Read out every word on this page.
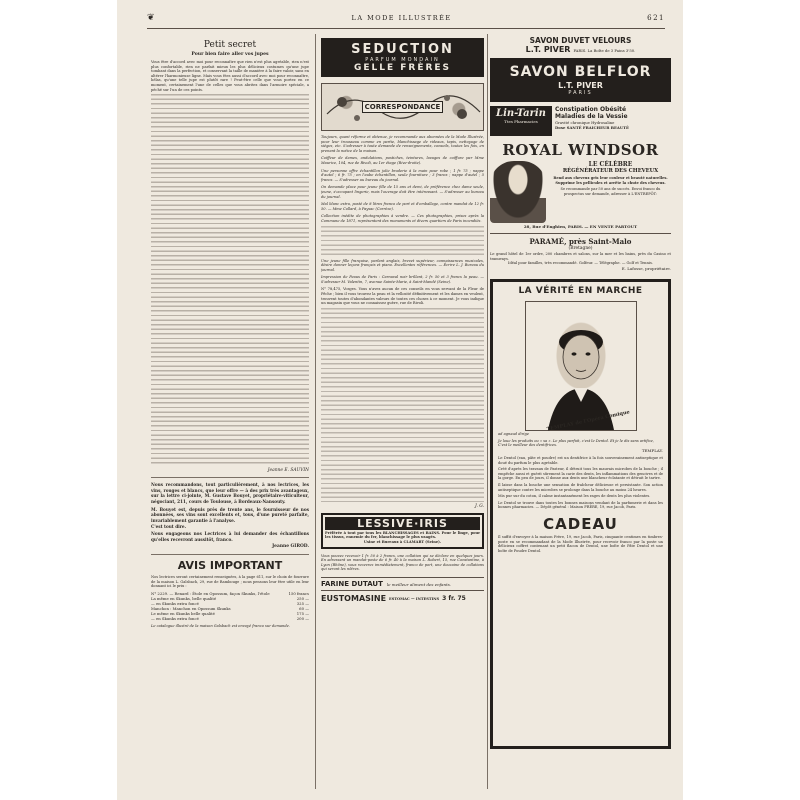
❦	LA MODE ILLUSTRÉE	621
Petit secret
Pour bien faire aller vos jupes
Vous être d'accord avec moi pour reconnaître que rien n'est plus agréable, rien n'est plus confortable, rien ne parfait mieux les plus délicieux costumes qu'une jupe tombant dans la perfection, et conservant la taille de manière à la faire valoir, sans en altérer l'harmonieuse ligne. Mais vous êtes aussi d'accord avec moi pour reconnaître, hélas, qu'une telle jupe est plutôt rare ! Peut-être celle que vous portez en ce moment, certainement l'une de celles que vous abritez dans l'armoire spéciale, a péché sur l'un de ces points.
Jeanne E. SAUVIN
Nous recommandons, tout particulièrement, à nos lectrices, les vins, rouges et blancs, que leur offre — à des prix très avantageux, sur la lettre ci-jointe, M. Gustave Bouyet, propriétaire-viticulteur, négociant, 211, cours de Toulouse, à Bordeaux-Nansouty.
M. Bouyet est, depuis près de trente ans, le fournisseur de nos abonnées, ses vins sont excellents et, tous, d'une pureté parfaite, invariablement garantie à l'analyse.
C'est tout dire.
Nous engageons nos Lectrices à lui demander des échantillons qu'elles recevront aussitôt, franco.
Jeanne GIROD.
AVIS IMPORTANT
Nos lectrices seront certainement renseignées, à la page 611, sur le choix de fourrure de la maison L. Galsbach, 29, rue de Rambouge ; nous pensons leur être utile en leur donnant ici le prix :
N° 2229. — Renard : Étole en Opossum, façon Skunks, l'étole	150 francs
La même en Skunks, belle qualité	250 —
— en Skunks extra foncé	325 —
Manchon : Manchon en Opossum Skunks	60 —
Le même en Skunks belle qualité	175 —
— en Skunks extra foncé	200 —
Le catalogue illustré de la maison Galsbach est envoyé franco sur demande.
SEDUCTION
PARFUM MONDAIN
GELLE FRÈRES
CORRESPONDANCE
Toujours, quant réforme et obtenue, je recommande aux abonnées de la Mode Illustrée, pour leur trousseau comme en partie, blanchissage de rideaux, tapis, nettoyage de sièges, etc. S'adresser à toute demande de renseignements, conseils, toutes les fois, en prenant la notice de la maison.
Coiffeur de dames, ondulations, postiches, teintures, lavages de coiffure par Mme Maurice, 104, rue de Rivoli, au 1er étage (Rive-droite).
Une personne offre échantillon jolie broderie à la main pour robe ; 1 fr. 75 ; nappe d'autel ; 6 fr. 75 ; en l'aube échantillon, seule fourniture ; 3 francs ; nappe d'autel ; 5 francs. — S'adresser au bureau du journal.
On demande place pour jeune fille de 15 ans et demi, de préférence chez dame seule, jeune, s'occupant lingerie, mais l'ouvrage doit être intéressant. — S'adresser au bureau du journal.
Mal blanc extra, posté de 8 litres franco de port et d'emballage, contre mandat de 12 fr. 50. — Mme Collard, à Paysac (Corrèze).
Collection inédite de photographies à vendre. — Ces photographies, prises après la Commune de 1871, représentent des monuments et divers quartiers de Paris incendiés.
Une jeune fille française, parlant anglais, brevet supérieur, connaissances musicales, désire donner leçons français et piano. Excellentes références. — Écrire L. J. Bureau du journal.
Impression de Peaux de Paris : Carnaval noir brillant, 2 fr. 50 et 3 francs la peau. — S'adresser M. Valentin, 7, avenue Sainte-Marie, à Saint-Mandé (Seine).
N° 78,475, Vosges. Vous n'avez aucun de ces conseils en vous servant de la Fleur de Pêche ; bien il vous trouvez la peau et la vellosité définitivement et les dames en veulent, trouvent toutes d'abondantes valeurs de toutes ces choses à ce moment. Je vous indique un magasin que vous ne connaissez guère, rue de Rivoli.
J. G.
LESSIVE·IRIS
Préférée à tout par tous les BLANCHISSAGES et BAINS. Pour le linge, pour les tissus, ennemie du fer, blanchissage le plus usagés.
Usine et Bureaux à CLAMART (Seine).
Vous pouvez recevoir 1 fr. 50 à 2 francs, une collation qui se déclare en quelques jours. En adressant un mandat-poste de 6 fr. 40 à la maison L. Robert, 15, rue Constantine, à Lyon (Rhône), vous recevrez immédiatement, franco de port, une douzaine de collations qui seront les nôtres.
FARINE DUTAUT le meilleur aliment des enfants.
EUSTOMASINE ESTOMAC — INTESTINS 3 fr. 75
SAVON DUVET VELOURS
L.T. PIVER PARIS. La Boîte de 3 Pains 3'50.
SAVON BELFLOR
L.T. PIVER
PARIS
Lin-Tarin
Ttes Pharmacies
Constipation Obésité
Maladies de la Vessie
Gravité chronique Hydrosaline
Dose SANTÉ FRAICHEUR BEAUTÉ
ROYAL WINDSOR
LE CÉLÈBRE
RÉGÉNÉRATEUR DES CHEVEUX
Rend aux cheveux gris leur couleur et beauté naturelles. Supprime les pellicules et arrête la chute des cheveux.
Se recommande par 50 ans de succès. Envoi franco du prospectus sur demande, adresser à L'ENTREPÔT:
28, Rue d'Enghien, PARIS. — EN VENTE PARTOUT
PARAMÉ, près Saint-Malo
(Bretagne)
Le grand hôtel de 1er ordre, 200 chambres et salons, sur la mer et les bains, près du Casino et tramways.
Idéal pour familles, très recommandé. Golfeur. — Télégraphe. — Golf et Tennis.
E. Lafosse, propriétaire.
LA VÉRITÉ EN MARCHE
TEMPLAY de l'Opéra Comique
ad agnaud dirige
Je loue les produits ou « sa ». Le plus parfait, c'est le Dentol. Et je le dis sans artifice, C'est le meilleur des dentifrices.
TEMPLAY.
Le Dentol (eau, pâte et poudre) est un dentifrice à la fois souverainement antiseptique et doué du parfum le plus agréable.
Créé d'après les travaux de Pasteur, il détruit tous les mauvais microbes de la bouche ; il empêche aussi et guérit sûrement la carie des dents, les inflammations des gencives et de la gorge. En peu de jours, il donne aux dents une blancheur éclatante et détruit le tartre.
Il laisse dans la bouche une sensation de fraîcheur délicieuse et persistante. Son action antiseptique contre les microbes se prolonge dans la bouche au moins 24 heures.
Mis pur sur du coton, il calme instantanément les rages de dents les plus violentes.
Le Dentol se trouve dans toutes les bonnes maisons vendant de la parfumerie et dans les bonnes pharmacies. — Dépôt général : Maison FRÈRE, 19, rue Jacob, Paris.
CADEAU
Il suffit d'envoyer à la maison Frère, 19, rue Jacob, Paris, cinquante centimes en timbres-poste en se recommandant de la Mode Illustrée, pour recevoir franco par la poste un délicieux coffret contenant un petit flacon de Dentol, une boîte de Pâte Dentol et une boîte de Poudre Dentol.
